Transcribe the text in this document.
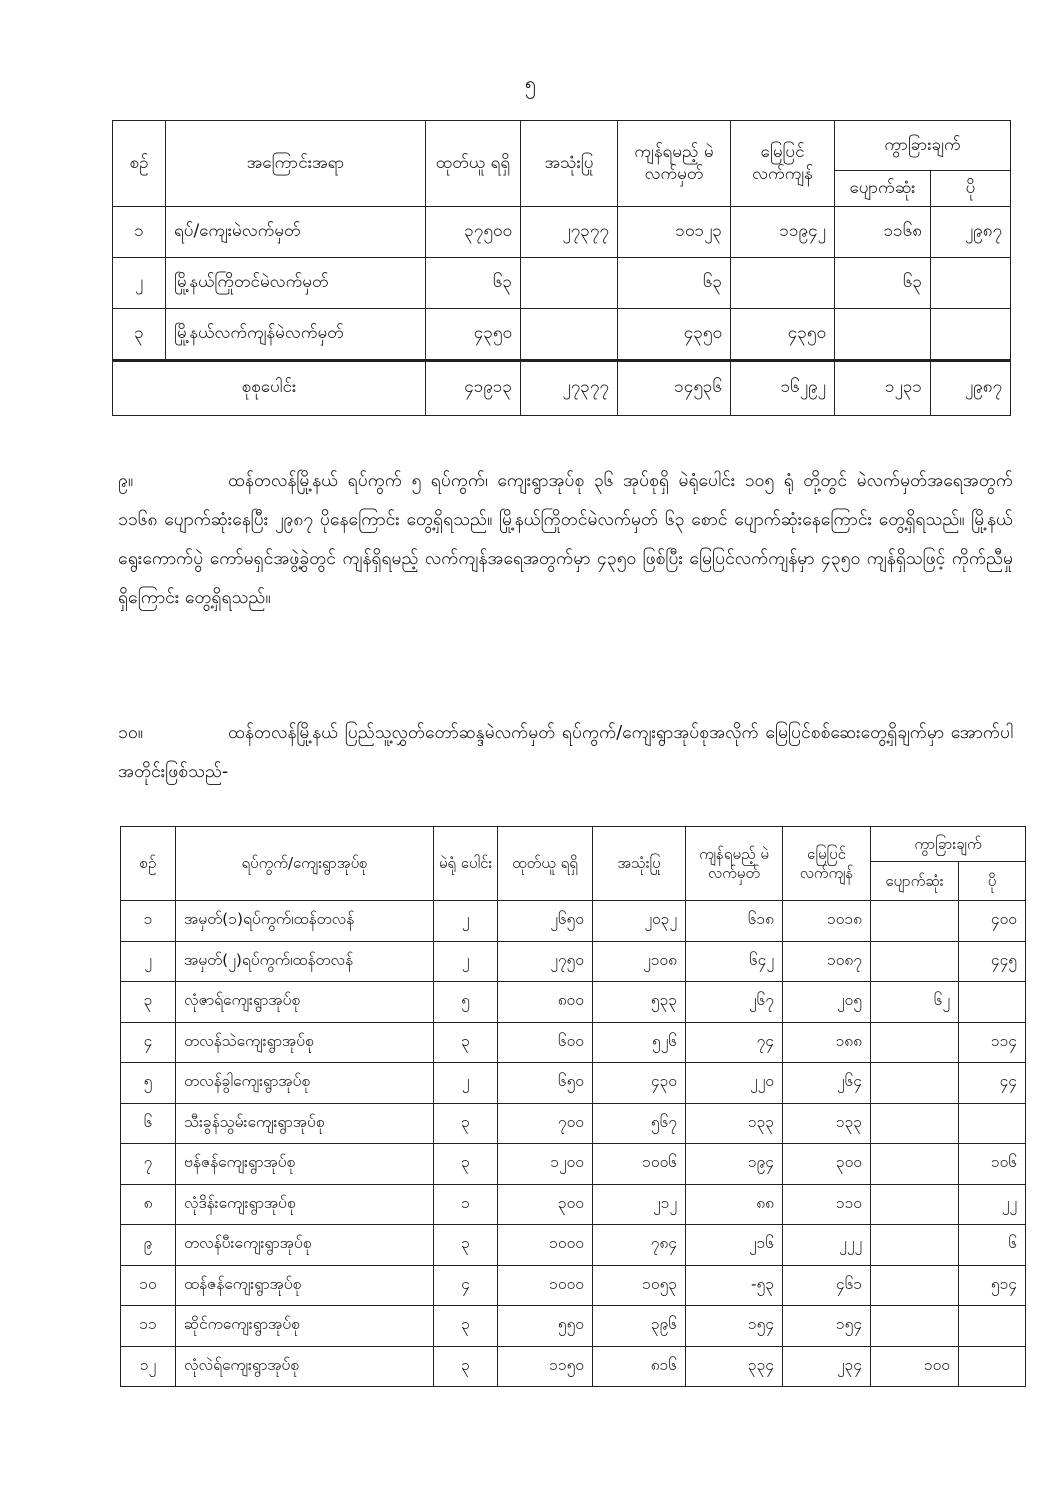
၅
စဉ်	အကြောင်းအရာ	ထုတ်ယူ ရရှိ	အသုံးပြု	ကျန်ရမည့် မဲလက်မှတ်	မြေပြင် လက်ကျန်	ကွာခြားချက်	
						ပျောက်ဆုံး	ပို
၁	ရပ်/ကျေးမဲလက်မှတ်	၃၇၅၀၀	၂၇၃၇၇	၁၀၁၂၃	၁၁၉၄၂	၁၁၆၈	၂၉၈၇
၂	မြို့နယ်ကြိုတင်မဲလက်မှတ်	၆၃		၆၃		၆၃	
၃	မြို့နယ်လက်ကျန်မဲလက်မှတ်	၄၃၅၀		၄၃၅၀	၄၃၅၀		
စုစုပေါင်း		၄၁၉၁၃	၂၇၃၇၇	၁၄၅၃၆	၁၆၂၉၂	၁၂၃၁	၂၉၈၇
၉။	ထန်တလန်မြို့နယ် ရပ်ကွက် ၅ ရပ်ကွက်၊ ကျေးရွာအုပ်စု ၃၆ အုပ်စုရှိ မဲရုံပေါင်း ၁၀၅ ရုံ တို့တွင် မဲလက်မှတ်အရေအတွက် ၁၁၆၈ ပျောက်ဆုံးနေပြီး ၂၉၈၇ ပိုနေကြောင်း တွေ့ရှိရသည်။ မြို့နယ်ကြိုတင်မဲလက်မှတ် ၆၃ စောင် ပျောက်ဆုံးနေကြောင်း တွေ့ရှိရသည်။ မြို့နယ်ရွေးကောက်ပွဲ ကော်မရှင်အဖွဲ့ခွဲတွင် ကျန်ရှိရမည့် လက်ကျန်အရေအတွက်မှာ ၄၃၅၀ ဖြစ်ပြီး မြေပြင်လက်ကျန်မှာ ၄၃၅၀ ကျန်ရှိသဖြင့် ကိုက်ညီမှုရှိကြောင်း တွေ့ရှိရသည်။
၁၀။	ထန်တလန်မြို့နယ် ပြည်သူ့လွှတ်တော်ဆန္ဒမဲလက်မှတ် ရပ်ကွက်/ကျေးရွာအုပ်စုအလိုက် မြေပြင်စစ်ဆေးတွေ့ရှိချက်မှာ အောက်ပါအတိုင်းဖြစ်သည်-
စဉ်	ရပ်ကွက်/ကျေးရွာအုပ်စု	မဲရုံ ပေါင်း	ထုတ်ယူ ရရှိ	အသုံးပြု	ကျန်ရမည့် မဲလက်မှတ်	မြေပြင် လက်ကျန်	ကွာခြားချက်	
							ပျောက်ဆုံး	ပို
၁	အမှတ်(၁)ရပ်ကွက်၊ထန်တလန်	၂	၂၆၅၀	၂၀၃၂	၆၁၈	၁၀၁၈		၄၀၀
၂	အမှတ်(၂)ရပ်ကွက်၊ထန်တလန်	၂	၂၇၅၀	၂၁၀၈	၆၄၂	၁၀၈၇		၄၄၅
၃	လုံဇာရ်ကျေးရွာအုပ်စု	၅	၈၀၀	၅၃၃	၂၆၇	၂၀၅	၆၂	
၄	တလန်သဲကျေးရွာအုပ်စု	၃	၆၀၀	၅၂၆	၇၄	၁၈၈		၁၁၄
၅	တလန်ခွါကျေးရွာအုပ်စု	၂	၆၅၀	၄၃၀	၂၂၀	၂၆၄		၄၄
၆	သီးခွန်သွမ်းကျေးရွာအုပ်စု	၃	၇၀၀	၅၆၇	၁၃၃	၁၃၃		
၇	ဗန်ဇန်ကျေးရွာအုပ်စု	၃	၁၂၀၀	၁၀၀၆	၁၉၄	၃၀၀		၁၀၆
၈	လုံဒိန်းကျေးရွာအုပ်စု	၁	၃၀၀	၂၁၂	၈၈	၁၁၀		၂၂
၉	တလန်ပီးကျေးရွာအုပ်စု	၃	၁၀၀၀	၇၈၄	၂၁၆	၂၂၂		၆
၁၀	ထန်ဇန်ကျေးရွာအုပ်စု	၄	၁၀၀၀	၁၀၅၃	-၅၃	၄၆၁		၅၁၄
၁၁	ဆိုင်ကကျေးရွာအုပ်စု	၃	၅၅၀	၃၉၆	၁၅၄	၁၅၄		
၁၂	လုံလဲရ်ကျေးရွာအုပ်စု	၃	၁၁၅၀	၈၁၆	၃၃၄	၂၃၄	၁၀၀	
